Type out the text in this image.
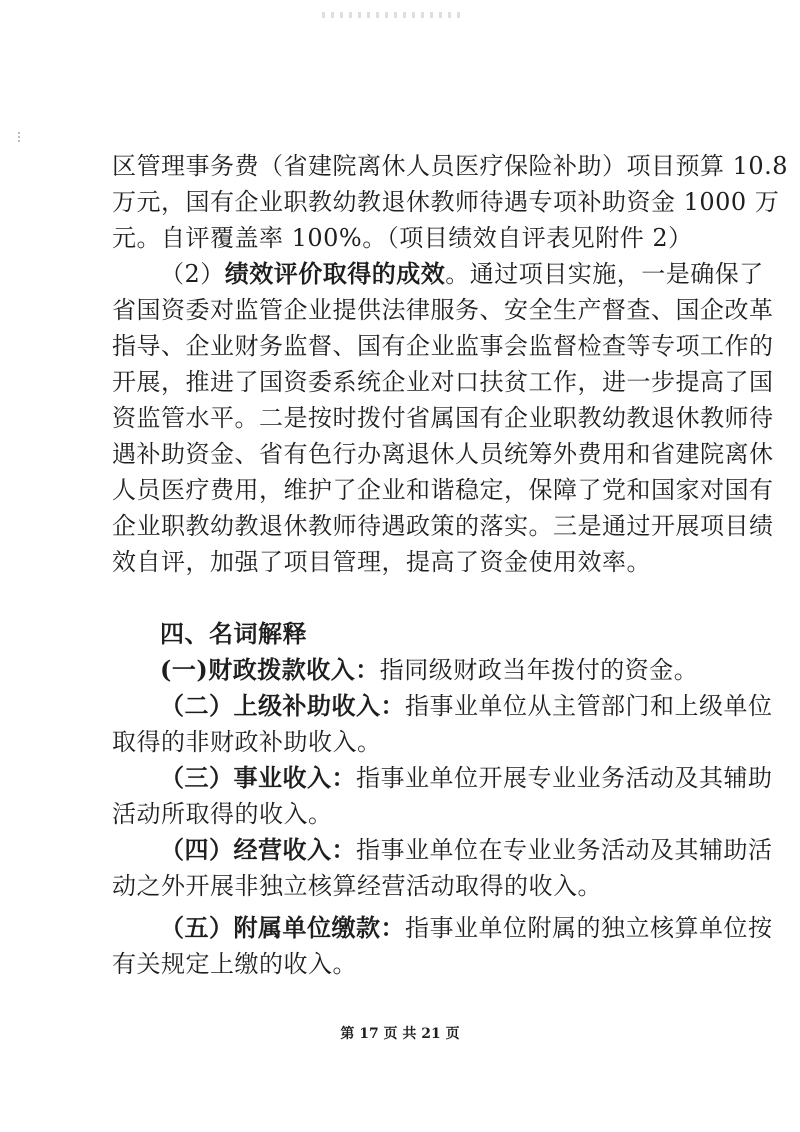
区管理事务费（省建院离休人员医疗保险补助）项目预算 10.8
万元，国有企业职教幼教退休教师待遇专项补助资金 1000 万
元。自评覆盖率 100%。（项目绩效自评表见附件 2）
（2）绩效评价取得的成效。通过项目实施，一是确保了
省国资委对监管企业提供法律服务、安全生产督查、国企改革
指导、企业财务监督、国有企业监事会监督检查等专项工作的
开展，推进了国资委系统企业对口扶贫工作，进一步提高了国
资监管水平。二是按时拨付省属国有企业职教幼教退休教师待
遇补助资金、省有色行办离退休人员统筹外费用和省建院离休
人员医疗费用，维护了企业和谐稳定，保障了党和国家对国有
企业职教幼教退休教师待遇政策的落实。三是通过开展项目绩
效自评，加强了项目管理，提高了资金使用效率。
四、名词解释
(一)财政拨款收入：指同级财政当年拨付的资金。
（二）上级补助收入：指事业单位从主管部门和上级单位
取得的非财政补助收入。
（三）事业收入：指事业单位开展专业业务活动及其辅助
活动所取得的收入。
（四）经营收入：指事业单位在专业业务活动及其辅助活
动之外开展非独立核算经营活动取得的收入。
（五）附属单位缴款：指事业单位附属的独立核算单位按
有关规定上缴的收入。
第 17 页 共 21 页
